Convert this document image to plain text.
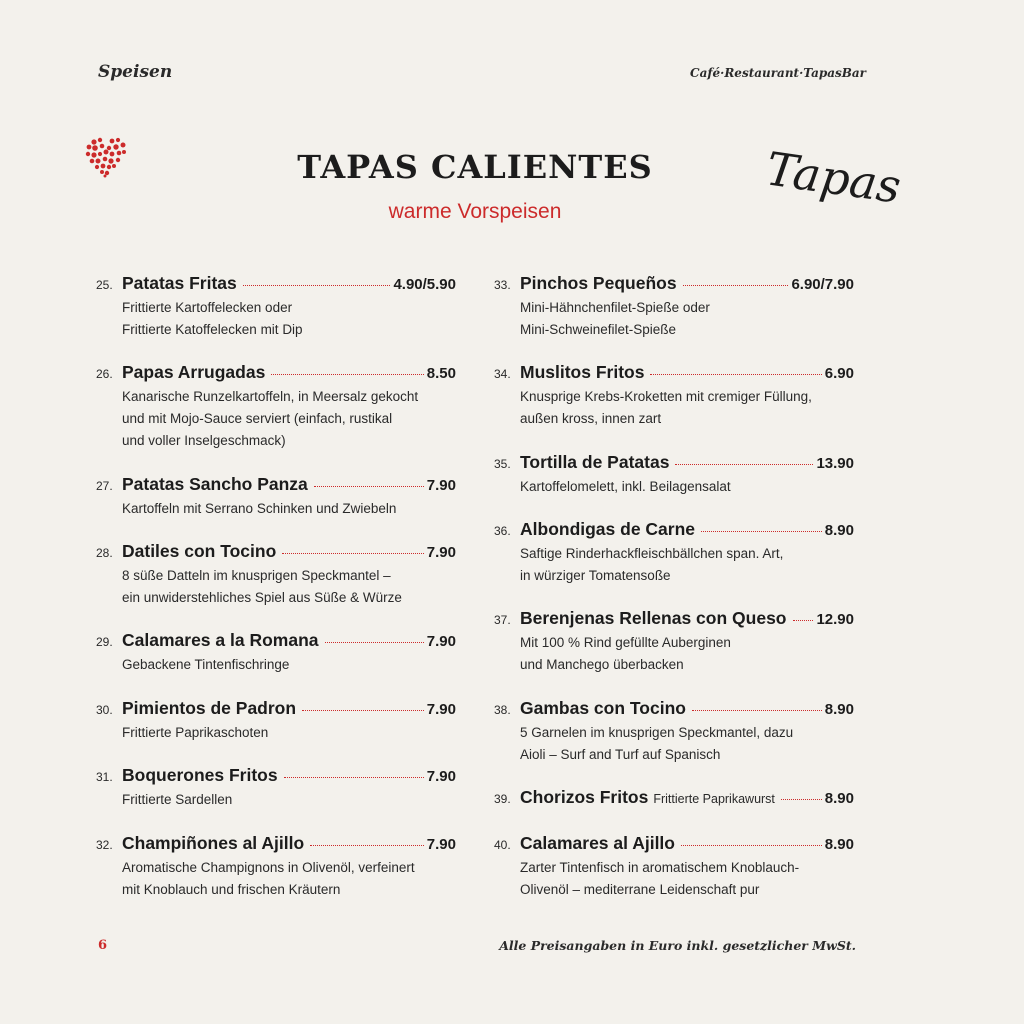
Speisen	Café·Restaurant·TapasBar
TAPAS CALIENTES
warme Vorspeisen	Tapas
25. Patatas Fritas	4.90/5.90
Frittierte Kartoffelecken oder
Frittierte Katoffelecken mit Dip
26. Papas Arrugadas	8.50
Kanarische Runzelkartoffeln, in Meersalz gekocht
und mit Mojo-Sauce serviert (einfach, rustikal
und voller Inselgeschmack)
27. Patatas Sancho Panza	7.90
Kartoffeln mit Serrano Schinken und Zwiebeln
28. Datiles con Tocino	7.90
8 süße Datteln im knusprigen Speckmantel –
ein unwiderstehliches Spiel aus Süße & Würze
29. Calamares a la Romana	7.90
Gebackene Tintenfischringe
30. Pimientos de Padron	7.90
Frittierte Paprikaschoten
31. Boquerones Fritos	7.90
Frittierte Sardellen
32. Champiñones al Ajillo	7.90
Aromatische Champignons in Olivenöl, verfeinert
mit Knoblauch und frischen Kräutern
33. Pinchos Pequeños	6.90/7.90
Mini-Hähnchenfilet-Spieße oder
Mini-Schweinefilet-Spieße
34. Muslitos Fritos	6.90
Knusprige Krebs-Kroketten mit cremiger Füllung,
außen kross, innen zart
35. Tortilla de Patatas	13.90
Kartoffelomelett, inkl. Beilagensalat
36. Albondigas de Carne	8.90
Saftige Rinderhackfleischbällchen span. Art,
in würziger Tomatensoße
37. Berenjenas Rellenas con Queso 12.90
Mit 100 % Rind gefüllte Auberginen
und Manchego überbacken
38. Gambas con Tocino	8.90
5 Garnelen im knusprigen Speckmantel, dazu
Aioli – Surf and Turf auf Spanisch
39. Chorizos Fritos Frittierte Paprikawurst	8.90
40. Calamares al Ajillo	8.90
Zarter Tintenfisch in aromatischem Knoblauch-
Olivenöl – mediterrane Leidenschaft pur
6	Alle Preisangaben in Euro inkl. gesetzlicher MwSt.
